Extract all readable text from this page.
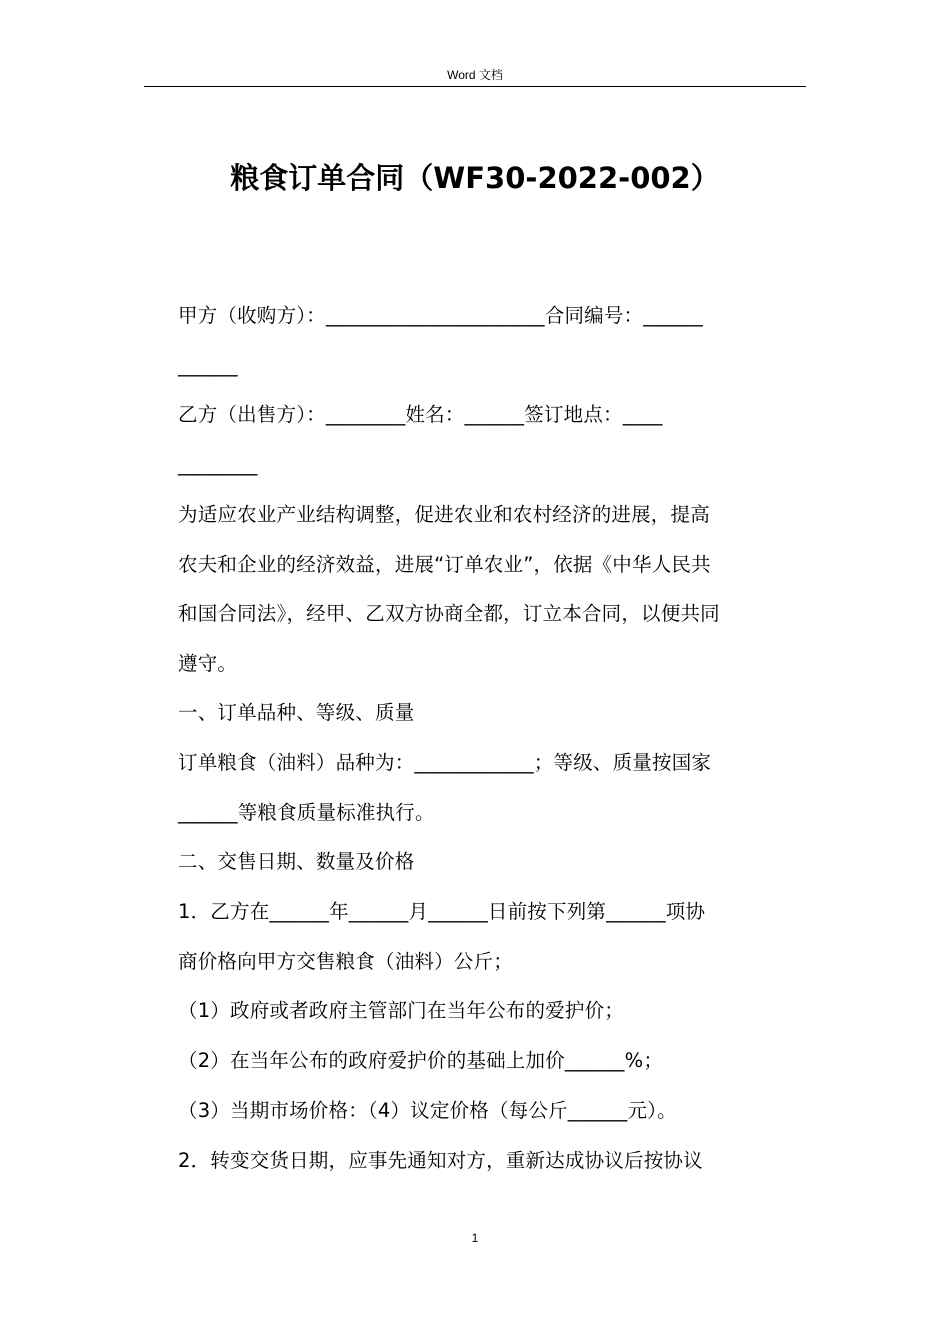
Word 文档
粮食订单合同（WF30-2022-002）
甲方（收购方）：______________________合同编号：______
______
乙方（出售方）：________姓名：______签订地点：____
________
为适应农业产业结构调整，促进农业和农村经济的进展，提高
农夫和企业的经济效益，进展“订单农业”，依据《中华人民共
和国合同法》，经甲、乙双方协商全都，订立本合同，以便共同
遵守。
一、订单品种、等级、质量
订单粮食（油料）品种为：____________；等级、质量按国家
______等粮食质量标准执行。
二、交售日期、数量及价格
1．乙方在______年______月______日前按下列第______项协
商价格向甲方交售粮食（油料）公斤；
（1）政府或者政府主管部门在当年公布的爱护价；
（2）在当年公布的政府爱护价的基础上加价______%；
（3）当期市场价格：（4）议定价格（每公斤______元）。
2．转变交货日期，应事先通知对方，重新达成协议后按协议
1
